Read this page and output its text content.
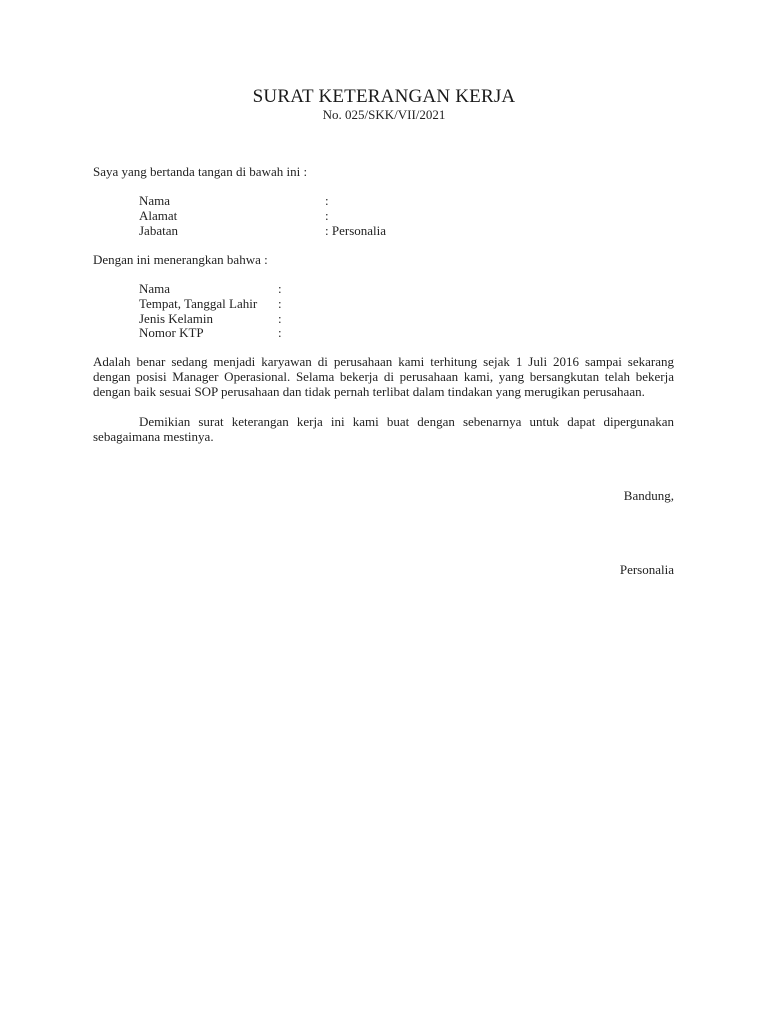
SURAT KETERANGAN KERJA
No. 025/SKK/VII/2021
Saya yang bertanda tangan di bawah ini :
Nama	:
Alamat	:
Jabatan	: Personalia
Dengan ini menerangkan bahwa :
Nama	:
Tempat, Tanggal Lahir :
Jenis Kelamin	:
Nomor KTP	:
Adalah benar sedang menjadi karyawan di perusahaan kami terhitung sejak 1 Juli 2016 sampai sekarang
dengan posisi Manager Operasional. Selama bekerja di perusahaan kami, yang bersangkutan telah bekerja
dengan baik sesuai SOP perusahaan dan tidak pernah terlibat dalam tindakan yang merugikan perusahaan.
Demikian surat keterangan kerja ini kami buat dengan sebenarnya untuk dapat dipergunakan
sebagaimana mestinya.
Bandung,
Personalia
